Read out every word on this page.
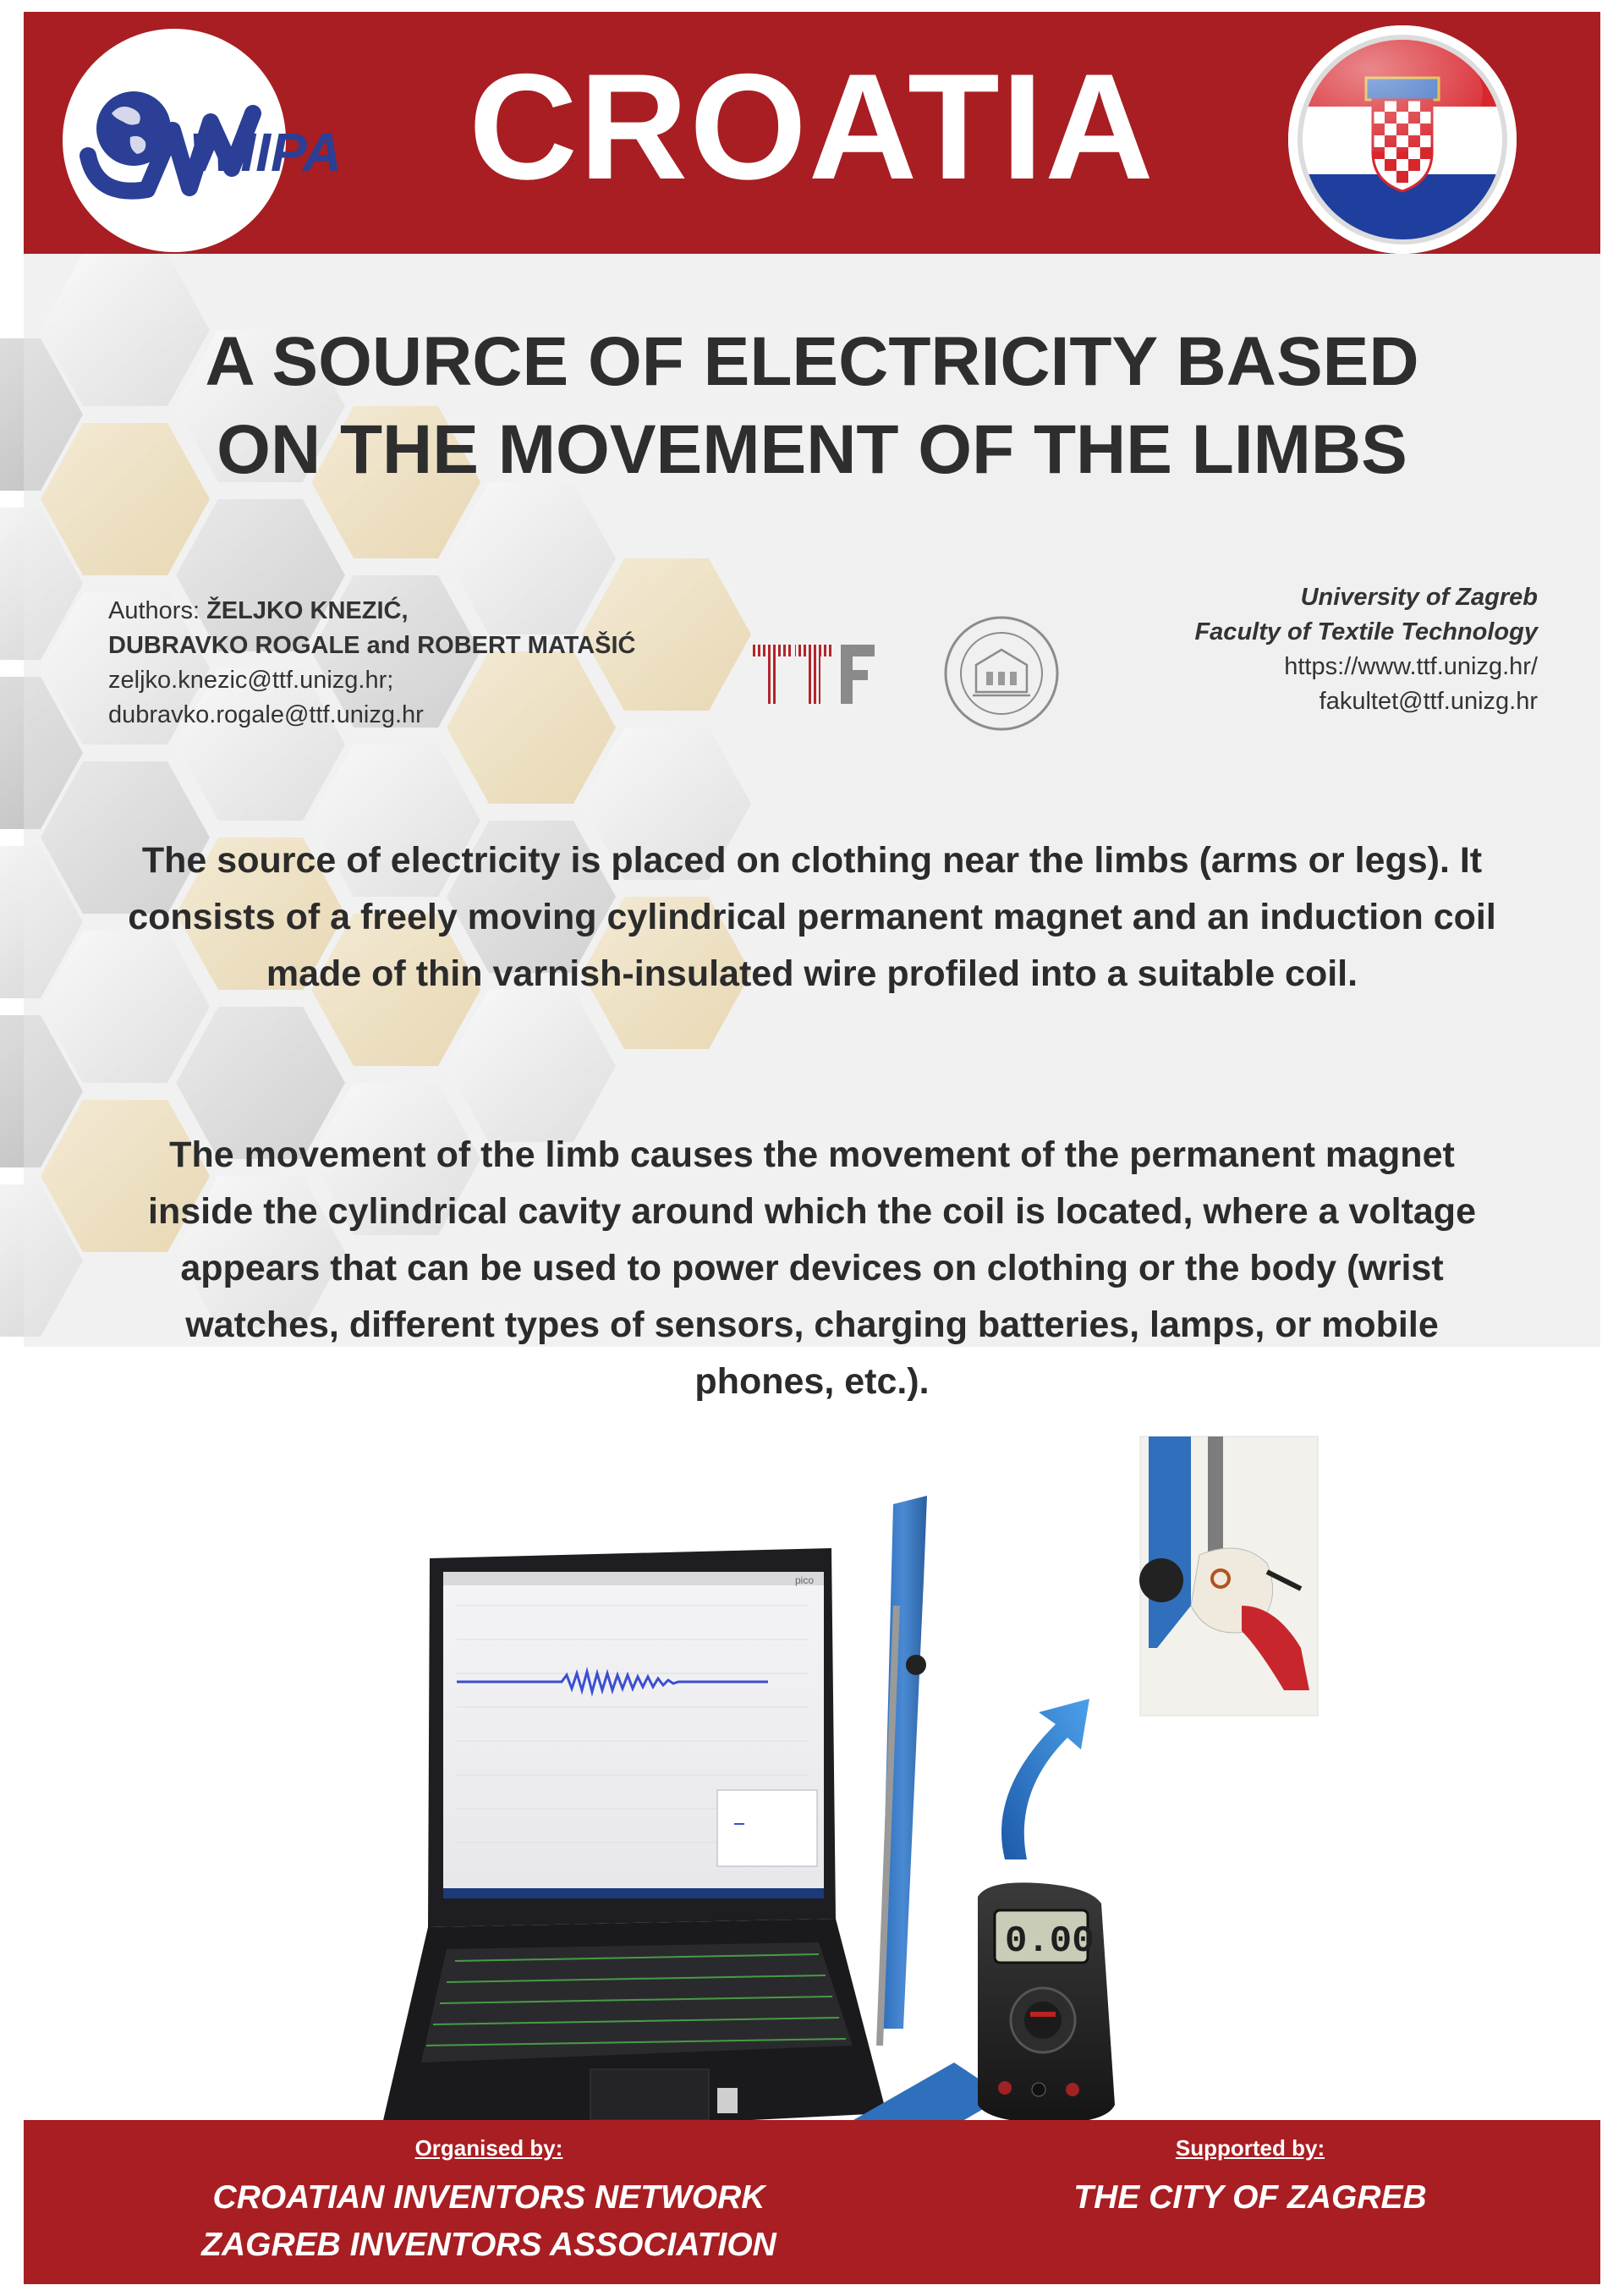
CROATIA
WIIPA
A SOURCE OF ELECTRICITY BASED
ON THE MOVEMENT OF THE LIMBS
Authors: ŽELJKO KNEZIĆ,
DUBRAVKO ROGALE and ROBERT MATAŠIĆ
zeljko.knezic@ttf.unizg.hr;
dubravko.rogale@ttf.unizg.hr
University of Zagreb
Faculty of Textile Technology
https://www.ttf.unizg.hr/
fakultet@ttf.unizg.hr

The source of electricity is placed on clothing near the limbs (arms or legs). It consists of a freely moving cylindrical permanent magnet and an induction coil made of thin varnish-insulated wire profiled into a suitable coil.

The movement of the limb causes the movement of the permanent magnet inside the cylindrical cavity around which the coil is located, where a voltage appears that can be used to power devices on clothing or the body (wrist watches, different types of sensors, charging batteries, lamps, or mobile phones, etc.).

pico
0.00
Organised by:
CROATIAN INVENTORS NETWORK
ZAGREB INVENTORS ASSOCIATION
Supported by:
THE CITY OF ZAGREB
